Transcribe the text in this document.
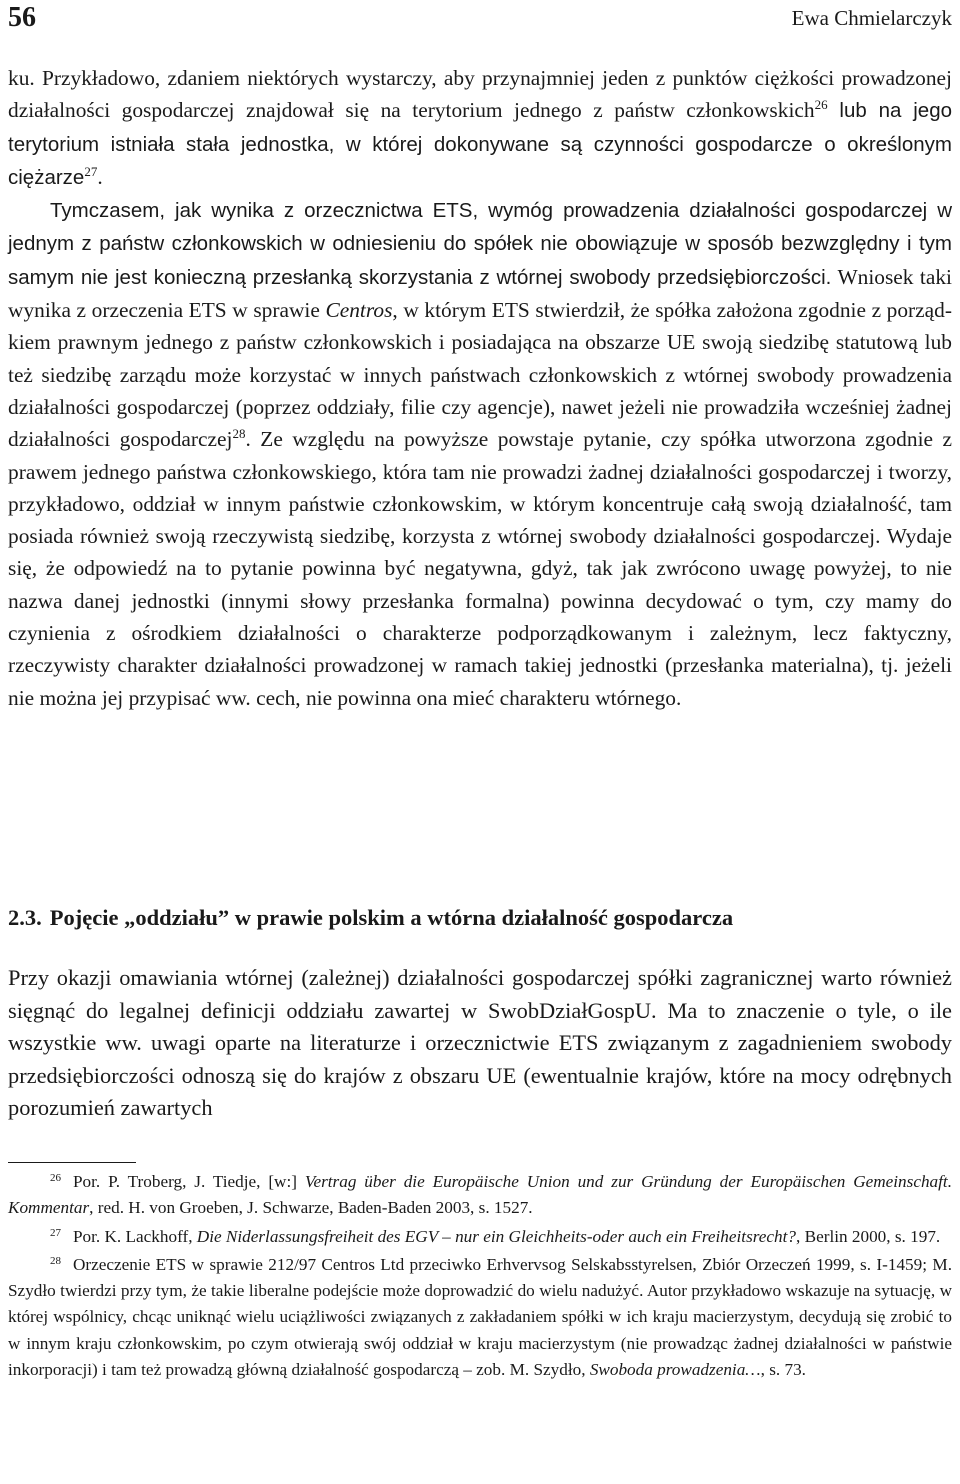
56	Ewa Chmielarczyk

ku. Przykładowo, zdaniem niektórych wystarczy, aby przynajmniej jeden z punktów ciężkości prowadzonej działalności gospodarczej znajdował się na terytorium jednego z państw członkowskich$^{26}$ lub na jego terytorium istniała stała jednostka, w której dokonywane są czynności gospodarcze o określonym ciężarze$^{27}$.

Tymczasem, jak wynika z orzecznictwa ETS, wymóg prowadzenia działalności gospodarczej w jednym z państw członkowskich w odniesieniu do spółek nie obowiązuje w sposób bezwzględny i tym samym nie jest konieczną przesłanką skorzystania z wtórnej swobody przedsiębiorczości. Wniosek taki wynika z orzeczenia ETS w sprawie Centros, w którym ETS stwierdził, że spółka założona zgodnie z porządkiem prawnym jednego z państw członkowskich i posiadająca na obszarze UE swoją siedzibę statutową lub też siedzibę zarządu może korzystać w innych państwach członkowskich z wtórnej swobody prowadzenia działalności gospodarczej (poprzez oddziały, filie czy agencje), nawet jeżeli nie prowadziła wcześniej żadnej działalności gospodarczej$^{28}$. Ze względu na powyższe powstaje pytanie, czy spółka utworzona zgodnie z prawem jednego państwa członkowskiego, która tam nie prowadzi żadnej działalności gospodarczej i tworzy, przykładowo, oddział w innym państwie członkowskim, w którym koncentruje całą swoją działalność, tam posiada również swoją rzeczywistą siedzibę, korzysta z wtórnej swobody działalności gospodarczej. Wydaje się, że odpowiedź na to pytanie powinna być negatywna, gdyż, tak jak zwrócono uwagę powyżej, to nie nazwa danej jednostki (innymi słowy przesłanka formalna) powinna decydować o tym, czy mamy do czynienia z ośrodkiem działalności o charakterze podporządkowanym i zależnym, lecz faktyczny, rzeczywisty charakter działalności prowadzonej w ramach takiej jednostki (przesłanka materialna), tj. jeżeli nie można jej przypisać ww. cech, nie powinna ona mieć charakteru wtórnego.

2.3. Pojęcie „oddziału” w prawie polskim a wtórna działalność gospodarcza

Przy okazji omawiania wtórnej (zależnej) działalności gospodarczej spółki zagranicznej warto również sięgnąć do legalnej definicji oddziału zawartej w SwobDziałGospU. Ma to znaczenie o tyle, o ile wszystkie ww. uwagi oparte na literaturze i orzecznictwie ETS związanym z zagadnieniem swobody przedsiębiorczości odnoszą się do krajów z obszaru UE (ewentualnie krajów, które na mocy odrębnych porozumień zawartych

$^{26}$ Por. P. Troberg, J. Tiedje, [w:] Vertrag über die Europäische Union und zur Gründung der Europäischen Gemeinschaft. Kommentar, red. H. von Groeben, J. Schwarze, Baden-Baden 2003, s. 1527.

$^{27}$ Por. K. Lackhoff, Die Niderlassungsfreiheit des EGV – nur ein Gleichheits-oder auch ein Freiheitsrecht?, Berlin 2000, s. 197.

$^{28}$ Orzeczenie ETS w sprawie 212/97 Centros Ltd przeciwko Erhvervsog Selskabsstyrelsen, Zbiór Orzeczeń 1999, s. I-1459; M. Szydło twierdzi przy tym, że takie liberalne podejście może doprowadzić do wielu nadużyć. Autor przykładowo wskazuje na sytuację, w której wspólnicy, chcąc uniknąć wielu uciążliwości związanych z zakładaniem spółki w ich kraju macierzystym, decydują się zrobić to w innym kraju członkowskim, po czym otwierają swój oddział w kraju macierzystym (nie prowadząc żadnej działalności w państwie inkorporacji) i tam też prowadzą główną działalność gospodarczą – zob. M. Szydło, Swoboda prowadzenia…, s. 73.
